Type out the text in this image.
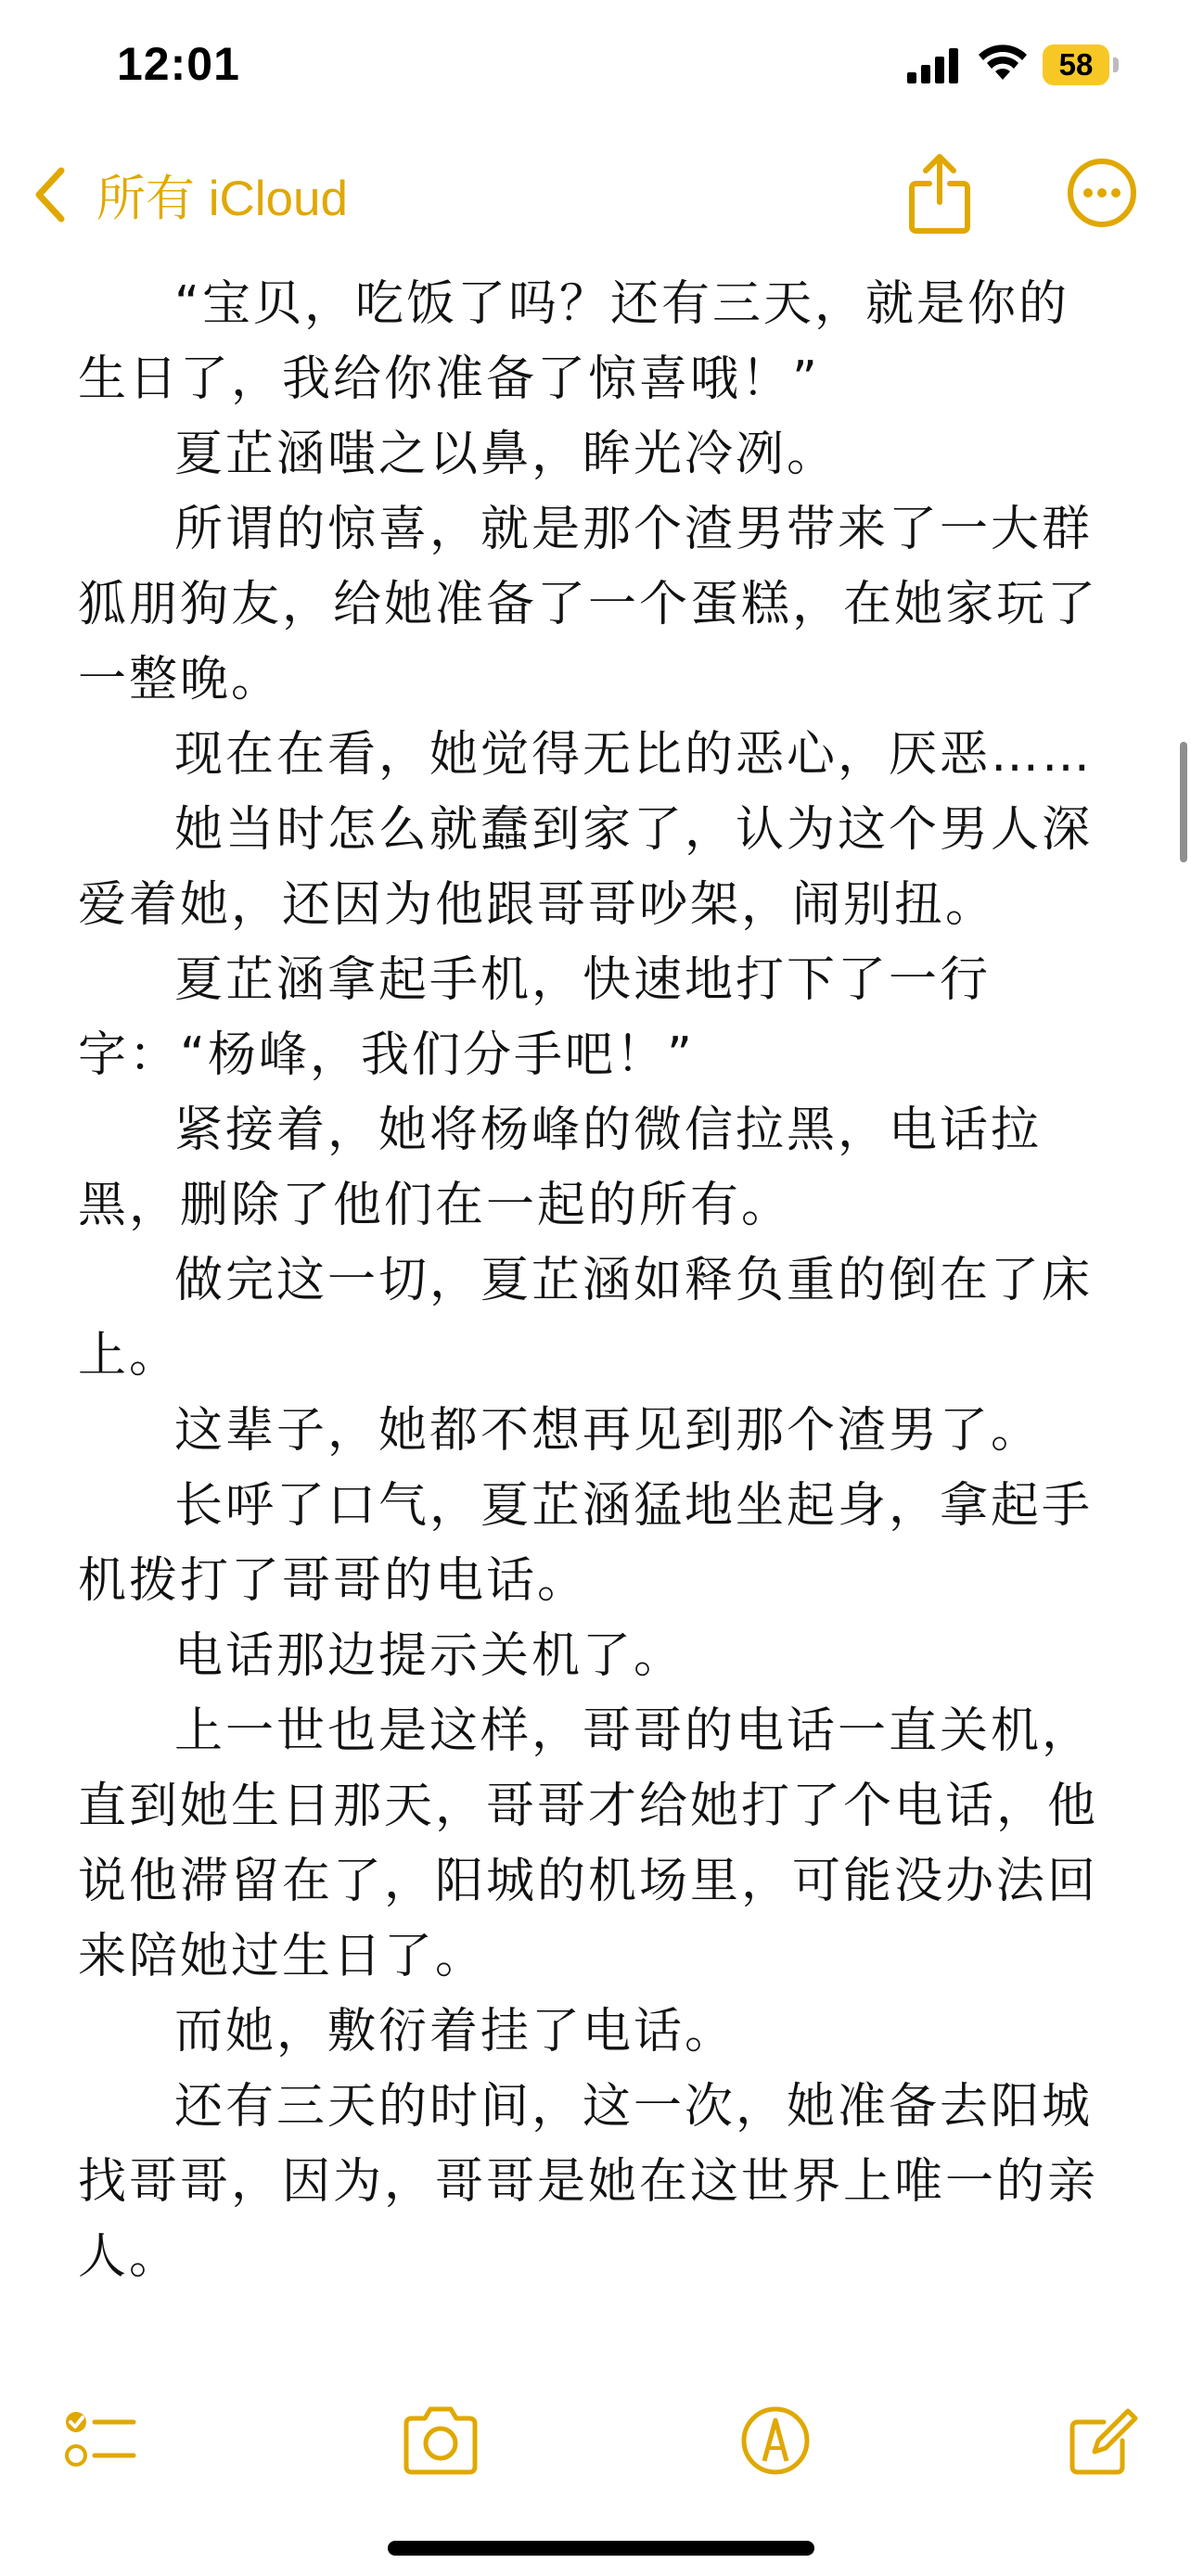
12:01	58
所有 iCloud

“宝贝，吃饭了吗？还有三天，就是你的生日了，我给你准备了惊喜哦！”

夏芷涵嗤之以鼻，眸光冷冽。

所谓的惊喜，就是那个渣男带来了一大群狐朋狗友，给她准备了一个蛋糕，在她家玩了一整晚。

现在在看，她觉得无比的恶心，厌恶……

她当时怎么就蠢到家了，认为这个男人深爱着她，还因为他跟哥哥吵架，闹别扭。

夏芷涵拿起手机，快速地打下了一行字：“杨峰，我们分手吧！”

紧接着，她将杨峰的微信拉黑，电话拉黑，删除了他们在一起的所有。

做完这一切，夏芷涵如释负重的倒在了床上。

这辈子，她都不想再见到那个渣男了。

长呼了口气，夏芷涵猛地坐起身，拿起手机拨打了哥哥的电话。

电话那边提示关机了。

上一世也是这样，哥哥的电话一直关机，直到她生日那天，哥哥才给她打了个电话，他说他滞留在了，阳城的机场里，可能没办法回来陪她过生日了。

而她，敷衍着挂了电话。

还有三天的时间，这一次，她准备去阳城找哥哥，因为，哥哥是她在这世界上唯一的亲人。
